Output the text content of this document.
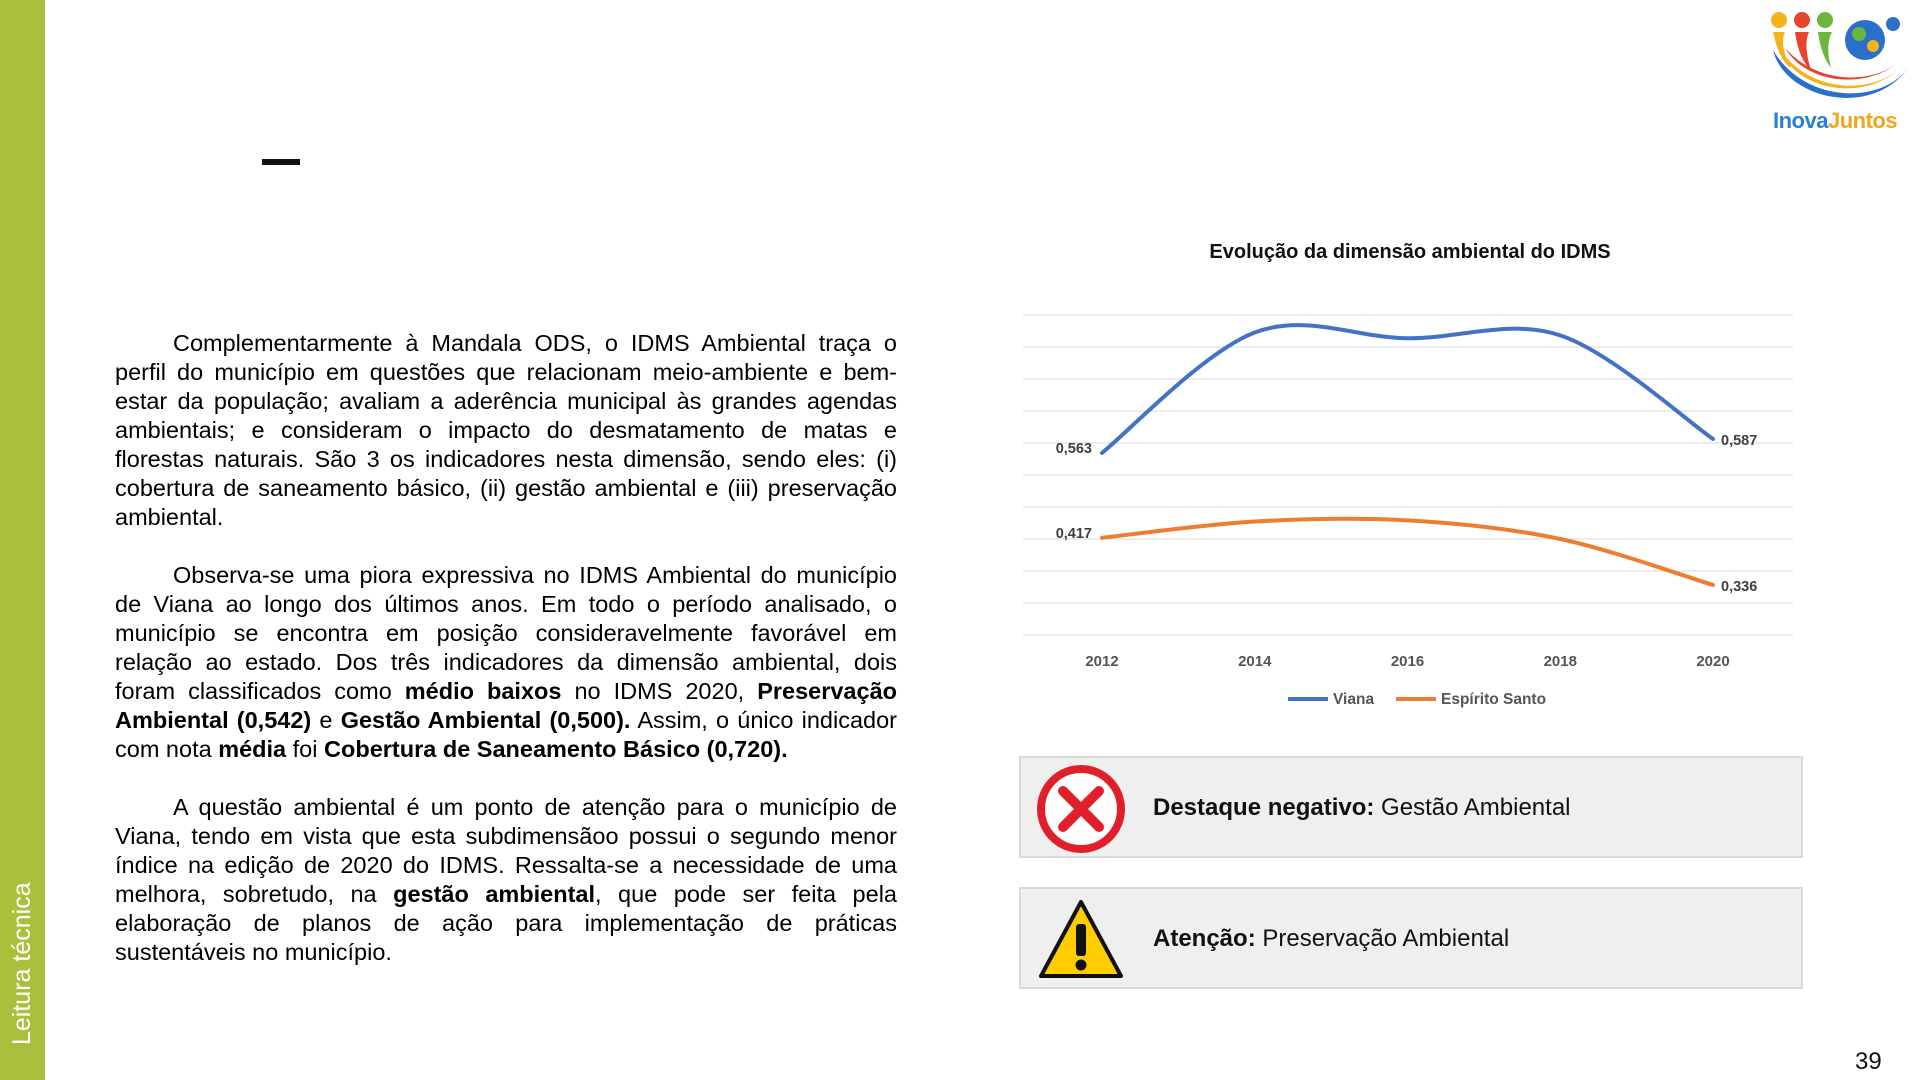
Leitura técnica
InovaJuntos

Complementarmente à Mandala ODS, o IDMS Ambiental traça o perfil do município em questões que relacionam meio-ambiente e bem-estar da população; avaliam a aderência municipal às grandes agendas ambientais; e consideram o impacto do desmatamento de matas e florestas naturais. São 3 os indicadores nesta dimensão, sendo eles: (i) cobertura de saneamento básico, (ii) gestão ambiental e (iii) preservação ambiental.

Observa-se uma piora expressiva no IDMS Ambiental do município de Viana ao longo dos últimos anos. Em todo o período analisado, o município se encontra em posição consideravelmente favorável em relação ao estado. Dos três indicadores da dimensão ambiental, dois foram classificados como médio baixos no IDMS 2020, Preservação Ambiental (0,542) e Gestão Ambiental (0,500). Assim, o único indicador com nota média foi Cobertura de Saneamento Básico (0,720).

A questão ambiental é um ponto de atenção para o município de Viana, tendo em vista que esta subdimensãoo possui o segundo menor índice na edição de 2020 do IDMS. Ressalta-se a necessidade de uma melhora, sobretudo, na gestão ambiental, que pode ser feita pela elaboração de planos de ação para implementação de práticas sustentáveis no município.

Evolução da dimensão ambiental do IDMS
0,563	0,587
0,417
0,336
2012	2014	2016	2018	2020
Viana	Espírito Santo
Destaque negativo: Gestão Ambiental
Atenção: Preservação Ambiental
39
